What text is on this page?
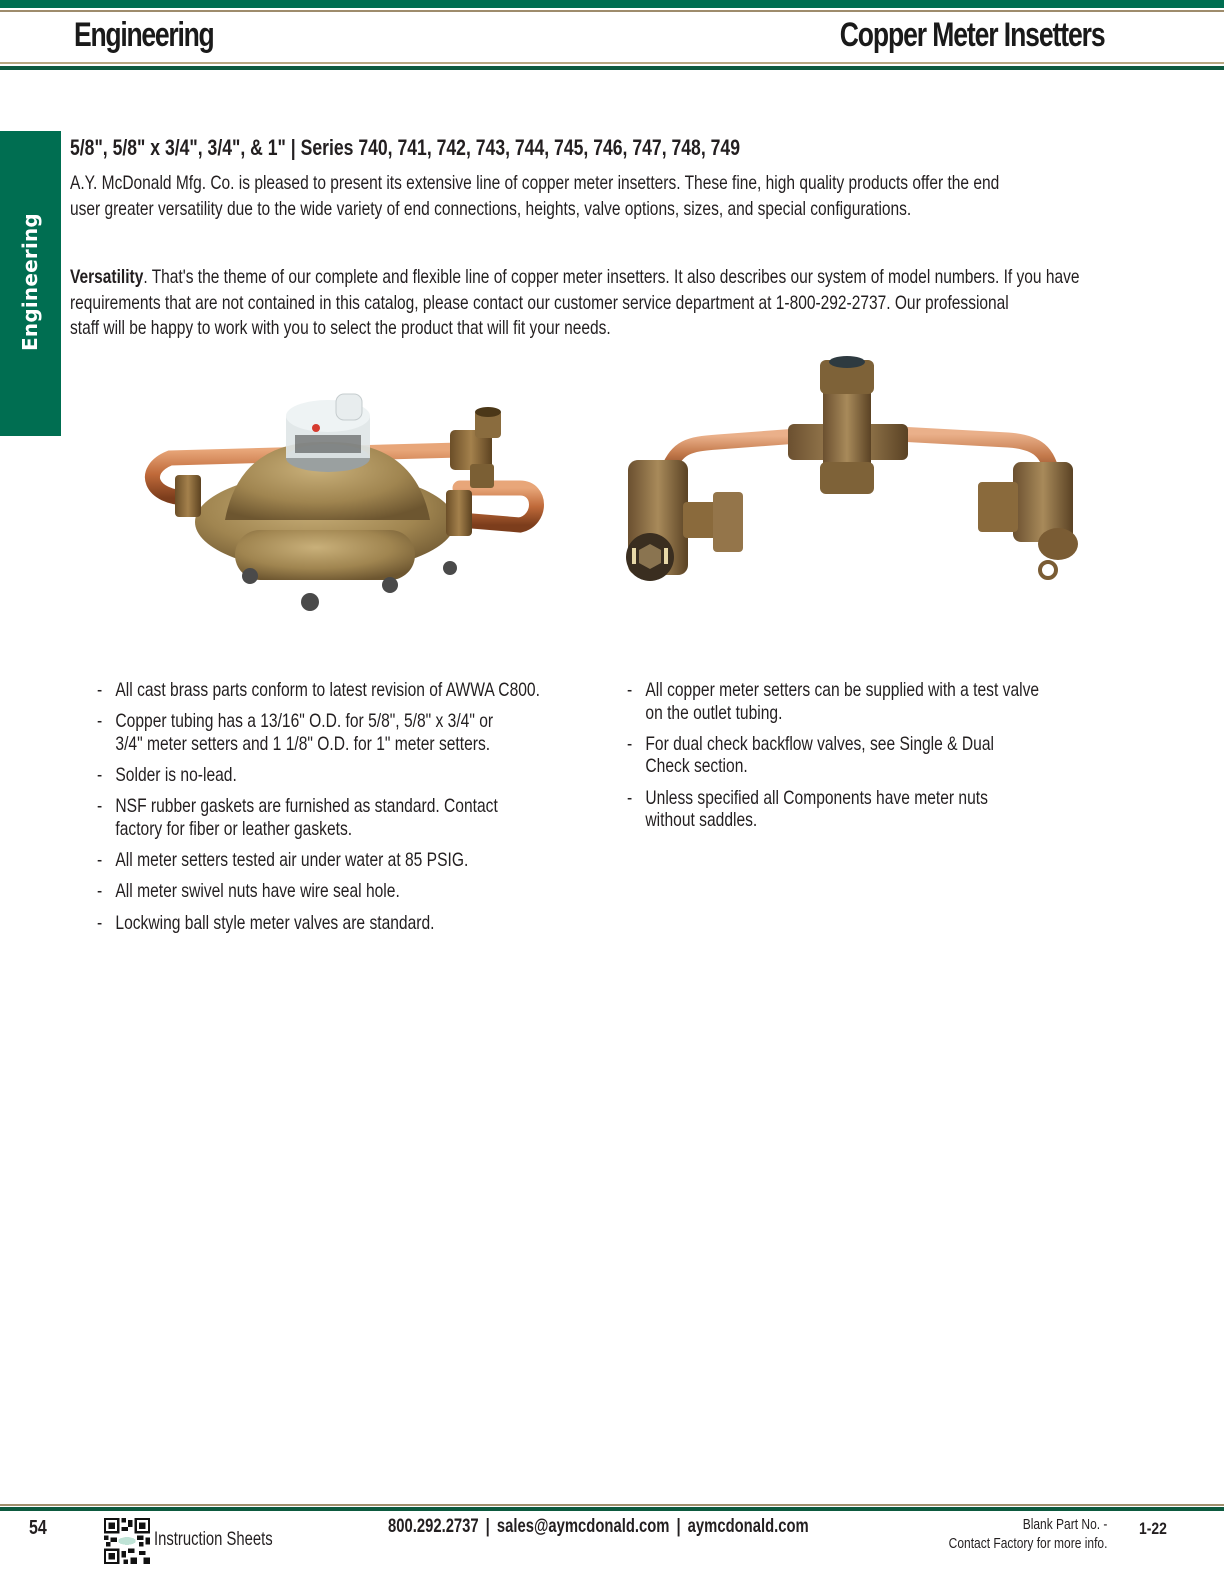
Engineering	Copper Meter Insetters
Engineering
5/8", 5/8" x 3/4", 3/4", & 1" | Series 740, 741, 742, 743, 744, 745, 746, 747, 748, 749
A.Y. McDonald Mfg. Co. is pleased to present its extensive line of copper meter insetters. These fine, high quality products offer the end
user greater versatility due to the wide variety of end connections, heights, valve options, sizes, and special configurations.
Versatility. That's the theme of our complete and flexible line of copper meter insetters. It also describes our system of model numbers. If you have
requirements that are not contained in this catalog, please contact our customer service department at 1-800-292-2737. Our professional
staff will be happy to work with you to select the product that will fit your needs.
- All cast brass parts conform to latest revision of AWWA C800.
- Copper tubing has a 13/16" O.D. for 5/8", 5/8" x 3/4" or
3/4" meter setters and 1 1/8" O.D. for 1" meter setters.
- Solder is no-lead.
- NSF rubber gaskets are furnished as standard. Contact
factory for fiber or leather gaskets.
- All meter setters tested air under water at 85 PSIG.
- All meter swivel nuts have wire seal hole.
- Lockwing ball style meter valves are standard.
- All copper meter setters can be supplied with a test valve
on the outlet tubing.
- For dual check backflow valves, see Single & Dual
Check section.
- Unless specified all Components have meter nuts
without saddles.
54
Instruction Sheets
800.292.2737 | sales@aymcdonald.com | aymcdonald.com	Blank Part No. -
Contact Factory for more info.
1-22
